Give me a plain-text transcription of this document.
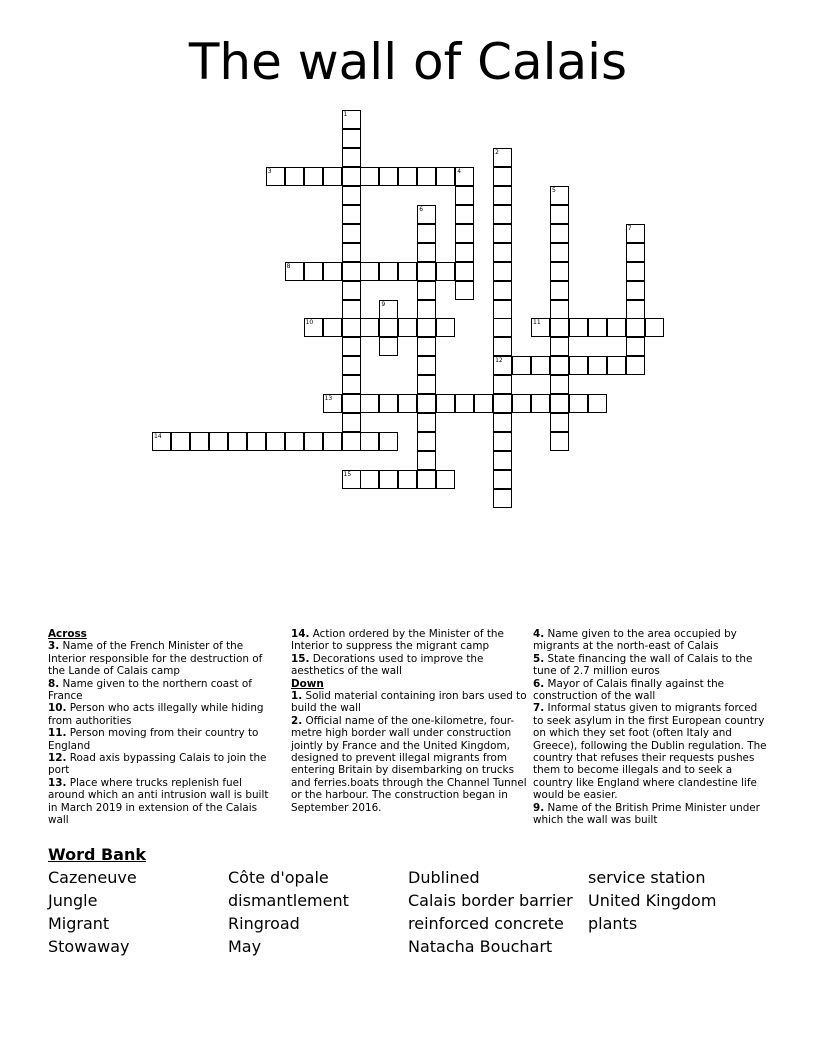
The wall of Calais
1
2
12
3	4
5
6
7
8
9
10	11
13
14
15

Across

3. Name of the French Minister of the Interior responsible for the destruction of the Lande of Calais camp

8. Name given to the northern coast of France

10. Person who acts illegally while hiding from authorities

11. Person moving from their country to England

12. Road axis bypassing Calais to join the port

13. Place where trucks replenish fuel around which an anti intrusion wall is built in March 2019 in extension of the Calais wall

14. Action ordered by the Minister of the Interior to suppress the migrant camp

15. Decorations used to improve the aesthetics of the wall

Down

1. Solid material containing iron bars used to build the wall

2. Official name of the one-kilometre, four-metre high border wall under construction jointly by France and the United Kingdom, designed to prevent illegal migrants from entering Britain by disembarking on trucks and ferries.boats through the Channel Tunnel or the harbour. The construction began in September 2016.

4. Name given to the area occupied by migrants at the north-east of Calais

5. State financing the wall of Calais to the tune of 2.7 million euros

6. Mayor of Calais finally against the construction of the wall

7. Informal status given to migrants forced to seek asylum in the first European country on which they set foot (often Italy and Greece), following the Dublin regulation. The country that refuses their requests pushes them to become illegals and to seek a country like England where clandestine life would be easier.

9. Name of the British Prime Minister under which the wall was built

Word Bank
Cazeneuve
Jungle
Migrant
Stowaway
Côte d'opale
dismantlement
Ringroad
May
Dublined
Calais border barrier
reinforced concrete
Natacha Bouchart
service station
United Kingdom
plants
